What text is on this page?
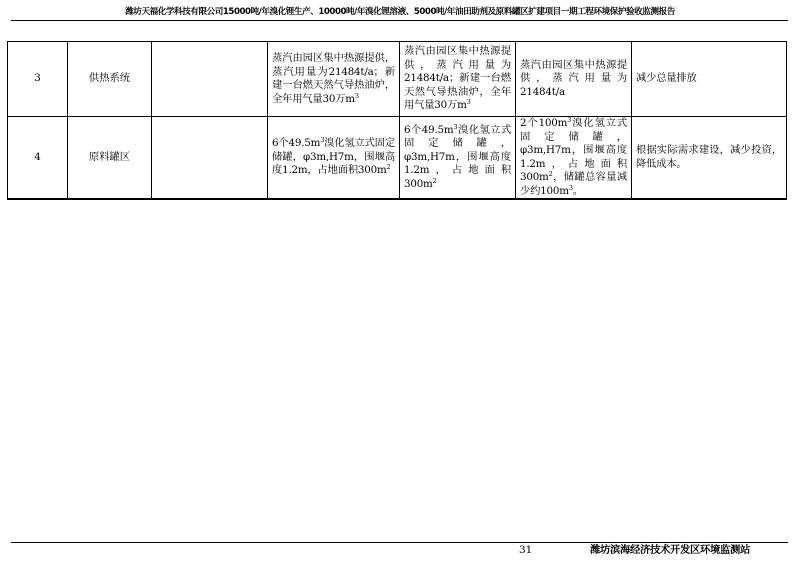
潍坊天福化学科技有限公司15000吨/年溴化锂生产、10000吨/年溴化锂溶液、5000吨/年油田助剂及原料罐区扩建项目一期工程环境保护验收监测报告
3	供热系统		蒸汽由园区集中热源提供，蒸汽用量为21484t/a；新建一台燃天然气导热油炉，全年用气量30万$m^3$	蒸汽由园区集中热源提供，蒸汽用量为21484t/a；新建一台燃天然气导热油炉，全年用气量30万$m^3$	蒸汽由园区集中热源提供，蒸汽用量为21484t/a	减少总量排放
4	原料罐区		6个$49.5m^3$溴化氢立式固定储罐，φ3m,H7m，围堰高度1.2m，占地面积$300m^2$	6个$49.5m^3$溴化氢立式固定储罐，φ3m,H7m，围堰高度1.2m，占地面积$300m^2$	2个$100m^3$溴化氢立式固定储罐，φ3m,H7m，围堰高度1.2m，占地面积$300m^2$，储罐总容量减少约$100m^3$。	根据实际需求建设，减少投资，降低成本。
31	潍坊滨海经济技术开发区环境监测站
